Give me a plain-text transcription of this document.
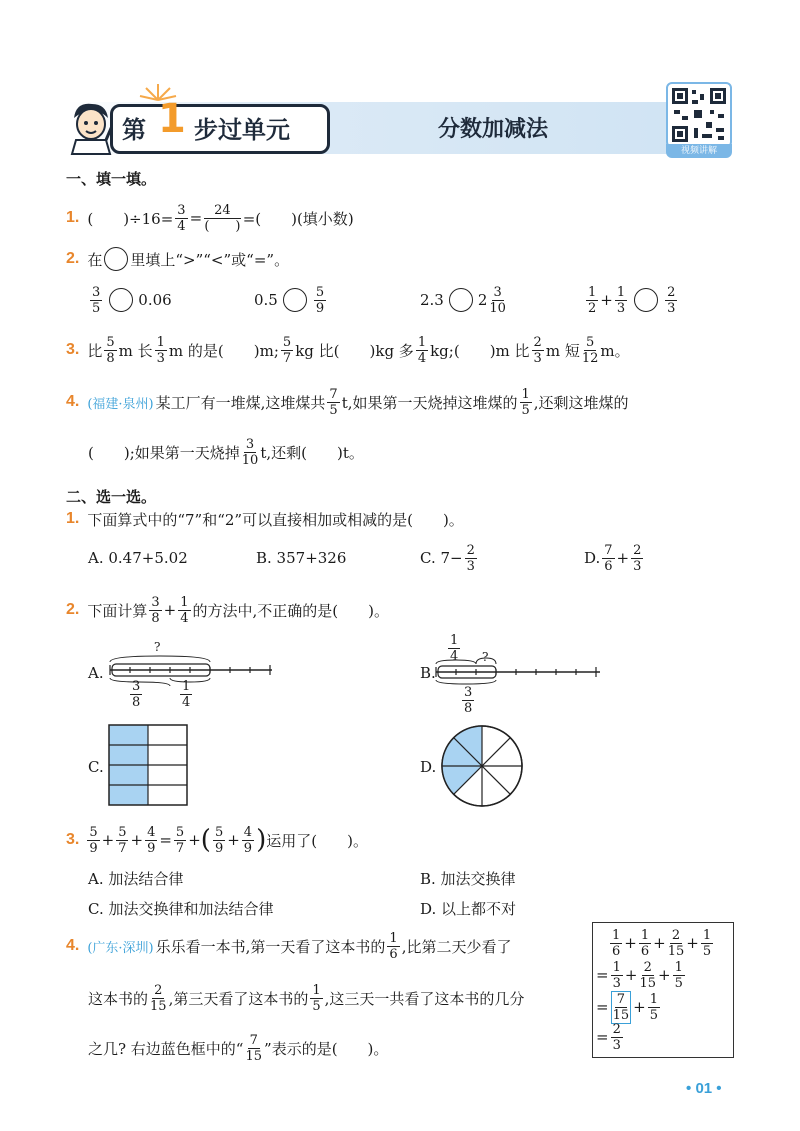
第 1 步过单元	分数加减法
视频讲解
一、填一填。
1. (　　)$\div 16= \frac{3}{4} = \frac{24}{( )}$ =(　　)(填小数)
2. 在 里填上“>”“<”或“=”。
$\frac{3}{5} 0.06$	0.5	$\frac{5}{9}$	2.3 $2 \frac{3}{10}$	$\frac{1}{2} + \frac{1}{3}$	$\frac{2}{3}$
3. 比 $\frac{5}{8}$ m 长 $\frac{1}{3}$ m 的是(　　)m; $\frac{5}{7}$ kg 比(　　)kg 多 $\frac{1}{4}$ kg;(　　)m 比 $\frac{2}{3}$ m 短 $\frac{5}{12}$ m。
4. (福建·泉州) 某工厂有一堆煤,这堆煤共 $\frac{7}{5} t$,如果第一天烧掉这堆煤的 $\frac{1}{5}$ ,还剩这堆煤的
(　　);如果第一天烧掉 $\frac{3}{10} t$,还剩(　　)t。
二、选一选。
1. 下面算式中的“7”和“2”可以直接相加或相减的是(　　)。
A. 0.47+5.02	B. 357+326	C. $7- \frac{2}{3}$	D. $\frac{7}{6} + \frac{2}{3}$
2. 下面计算 $\frac{3}{8} + \frac{1}{4}$ 的方法中,不正确的是(　　)。
A.
?
$\frac{3}{8}$	$\frac{1}{4}$
B.
$\frac{1}{4}$ ?
$\frac{3}{8}$
C.	D.
3. $\frac{5}{9} + \frac{5}{7} + \frac{4}{9} = \frac{5}{7}$ + ( $\frac{5}{9} + \frac{4}{9}$ ) 运用了(　　)。
A. 加法结合律	B. 加法交换律
C. 加法交换律和加法结合律	D. 以上都不对
4. (广东·深圳) 乐乐看一本书,第一天看了这本书的 $\frac{1}{6}$ ,比第二天少看了
这本书的 $\frac{2}{15}$ ,第三天看了这本书的 $\frac{1}{5}$ ,这三天一共看了这本书的几分
之几? 右边蓝色框中的“ $\frac{7}{15}$ ”表示的是(　　)。
$\frac{1}{6} + \frac{1}{6} + \frac{2}{15} + \frac{1}{5}$
= $\frac{1}{3} + \frac{2}{15} + \frac{1}{5}$
= $\frac{7}{15} + \frac{1}{5}$
= $\frac{2}{3}$
• 01 •
